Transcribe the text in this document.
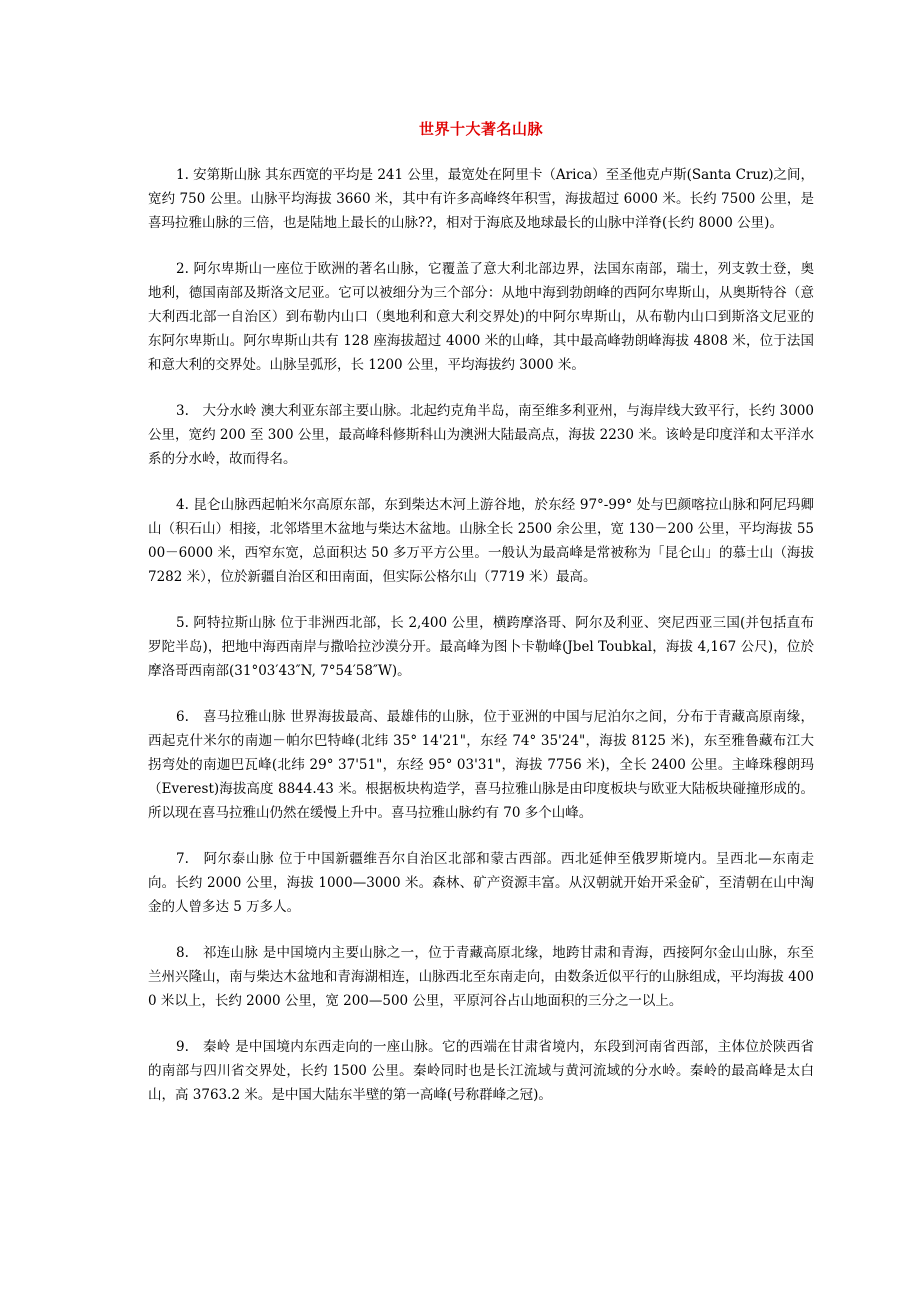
世界十大著名山脉

1. 安第斯山脉 其东西宽的平均是 241 公里，最宽处在阿里卡（Arica）至圣他克卢斯(Santa Cruz)之间，宽约 750 公里。山脉平均海拔 3660 米，其中有许多高峰终年积雪，海拔超过 6000 米。长约 7500 公里，是喜玛拉雅山脉的三倍，也是陆地上最长的山脉??，相对于海底及地球最长的山脉中洋脊(长约 8000 公里)。

2. 阿尔卑斯山一座位于欧洲的著名山脉，它覆盖了意大利北部边界，法国东南部，瑞士，列支敦士登，奥地利，德国南部及斯洛文尼亚。它可以被细分为三个部分：从地中海到勃朗峰的西阿尔卑斯山，从奥斯特谷（意大利西北部一自治区）到布勒内山口（奥地利和意大利交界处)的中阿尔卑斯山，从布勒内山口到斯洛文尼亚的东阿尔卑斯山。阿尔卑斯山共有 128 座海拔超过 4000 米的山峰，其中最高峰勃朗峰海拔 4808 米，位于法国和意大利的交界处。山脉呈弧形，长 1200 公里，平均海拔约 3000 米。

3.　大分水岭 澳大利亚东部主要山脉。北起约克角半岛，南至维多利亚州，与海岸线大致平行，长约 3000 公里，宽约 200 至 300 公里，最高峰科修斯科山为澳洲大陆最高点，海拔 2230 米。该岭是印度洋和太平洋水系的分水岭，故而得名。

4. 昆仑山脉西起帕米尔高原东部，东到柴达木河上游谷地，於东经 97°-99° 处与巴颜喀拉山脉和阿尼玛卿山（积石山）相接，北邻塔里木盆地与柴达木盆地。山脉全长 2500 余公里，宽 130－200 公里，平均海拔 5500－6000 米，西窄东宽，总面积达 50 多万平方公里。一般认为最高峰是常被称为「昆仑山」的慕士山（海拔 7282 米），位於新疆自治区和田南面，但实际公格尔山（7719 米）最高。

5. 阿特拉斯山脉 位于非洲西北部，长 2,400 公里，横跨摩洛哥、阿尔及利亚、突尼西亚三国(并包括直布罗陀半岛)，把地中海西南岸与撒哈拉沙漠分开。最高峰为图卜卡勒峰(Jbel Toubkal，海拔 4,167 公尺)，位於摩洛哥西南部(31°03′43″N, 7°54′58″W)。

6.　喜马拉雅山脉 世界海拔最高、最雄伟的山脉，位于亚洲的中国与尼泊尔之间，分布于青藏高原南缘，西起克什米尔的南迦－帕尔巴特峰(北纬 35° 14'21"，东经 74° 35'24"，海拔 8125 米)，东至雅鲁藏布江大拐弯处的南迦巴瓦峰(北纬 29° 37'51"，东经 95° 03'31"，海拔 7756 米)，全长 2400 公里。主峰珠穆朗玛（Everest)海拔高度 8844.43 米。根据板块构造学，喜马拉雅山脉是由印度板块与欧亚大陆板块碰撞形成的。所以现在喜马拉雅山仍然在缓慢上升中。喜马拉雅山脉约有 70 多个山峰。

7.　阿尔泰山脉 位于中国新疆维吾尔自治区北部和蒙古西部。西北延伸至俄罗斯境内。呈西北—东南走向。长约 2000 公里，海拔 1000—3000 米。森林、矿产资源丰富。从汉朝就开始开采金矿，至清朝在山中淘金的人曾多达 5 万多人。

8.　祁连山脉 是中国境内主要山脉之一，位于青藏高原北缘，地跨甘肃和青海，西接阿尔金山山脉，东至兰州兴隆山，南与柴达木盆地和青海湖相连，山脉西北至东南走向，由数条近似平行的山脉组成，平均海拔 4000 米以上，长约 2000 公里，宽 200—500 公里，平原河谷占山地面积的三分之一以上。

9.　秦岭 是中国境内东西走向的一座山脉。它的西端在甘肃省境内，东段到河南省西部，主体位於陕西省的南部与四川省交界处，长约 1500 公里。秦岭同时也是长江流域与黄河流域的分水岭。秦岭的最高峰是太白山，高 3763.2 米。是中国大陆东半壁的第一高峰(号称群峰之冠)。
